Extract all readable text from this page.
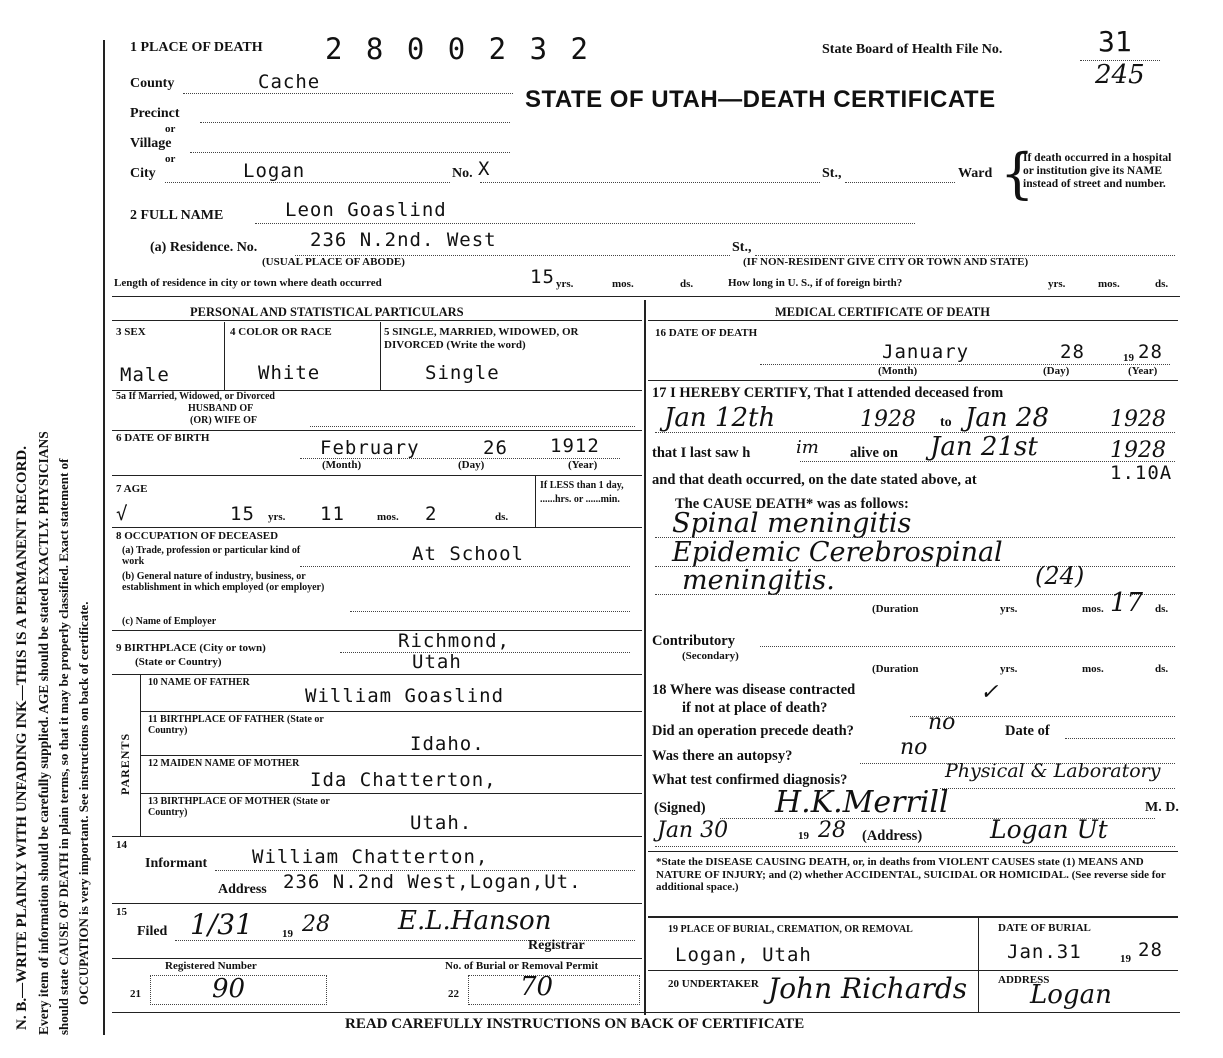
N. B.—WRITE PLAINLY WITH UNFADING INK—THIS IS A PERMANENT RECORD. Every item of information should be carefully supplied. AGE should be stated EXACTLY. PHYSICIANS should state CAUSE OF DEATH in plain terms, so that it may be properly classified. Exact statement of OCCUPATION is very important. See instructions on back of certificate.
1 PLACE OF DEATH 2 8 0 0 2 3 2	State Board of Health File No.	31
245
STATE OF UTAH—DEATH CERTIFICATE
County	Cache
Precinct
or
Village
or
City	Logan	No. X	St.,	Ward {
If death occurred in a hospital or institution give its NAME instead of street and number.
2 FULL NAME	Leon Goaslind
(a) Residence. No.	236 N.2nd. West	St.,
(USUAL PLACE OF ABODE)	(IF NON-RESIDENT GIVE CITY OR TOWN AND STATE)
Length of residence in city or town where death occurred	15 yrs.	mos.	ds.	How long in U. S., if of foreign birth?	yrs.	mos.	ds.
PERSONAL AND STATISTICAL PARTICULARS	MEDICAL CERTIFICATE OF DEATH
3 SEX	4 COLOR OR RACE	5 SINGLE, MARRIED, WIDOWED, OR DIVORCED (Write the word)
Male	White	Single
5a If Married, Widowed, or Divorced
HUSBAND OF
(OR) WIFE OF
6 DATE OF BIRTH	February	26 1912
(Month)	(Day)	(Year)
7 AGE
√	15 yrs. 11	mos. 2	ds.
If LESS than 1 day, ......hrs. or ......min.
8 OCCUPATION OF DECEASED
(a) Trade, profession or particular kind of work
(b) General nature of industry, business, or establishment in which employed (or employer)
(c) Name of Employer
At School
9 BIRTHPLACE (City or town)
(State or Country)
Richmond,
Utah
PARENTS
10 NAME OF FATHER
William Goaslind
11 BIRTHPLACE OF FATHER (State or Country)
Idaho.
12 MAIDEN NAME OF MOTHER
Ida Chatterton,
13 BIRTHPLACE OF MOTHER (State or Country)	Utah.
14
Informant William Chatterton,
Address 236 N.2nd West,Logan,Ut.
15
Filed 1/31	19 28	E.L.Hanson
Registrar
Registered Number	No. of Burial or Removal Permit
21	90	22 70
16 DATE OF DEATH
January	28	19 28
(Month)	(Day)	(Year)
17 I HEREBY CERTIFY, That I attended deceased from
Jan 12th	1928 to Jan 28	1928
that I last saw h	im alive on Jan 21st	1928
and that death occurred, on the date stated above, at	1.10A
The CAUSE DEATH* was as follows:
Spinal meningitis
Epidemic Cerebrospinal
meningitis.	(24)
(Duration	yrs.	mos. 17 ds.
Contributory
(Secondary)
(Duration	yrs.	mos.	ds.
18 Where was disease contracted
if not at place of death?
✓
Did an operation precede death?	no	Date of
Was there an autopsy?	no
What test confirmed diagnosis?	Physical & Laboratory
(Signed) H.K.Merrill	M. D.
Jan 30	19 28 (Address)	Logan Ut
*State the DISEASE CAUSING DEATH, or, in deaths from VIOLENT CAUSES state (1) MEANS AND NATURE OF INJURY; and (2) whether ACCIDENTAL, SUICIDAL OR HOMICIDAL. (See reverse side for additional space.)
19 PLACE OF BURIAL, CREMATION, OR REMOVAL
Logan, Utah
DATE OF BURIAL
Jan.31	19 28
20 UNDERTAKER John Richards	ADDRESS
Logan
READ CAREFULLY INSTRUCTIONS ON BACK OF CERTIFICATE
